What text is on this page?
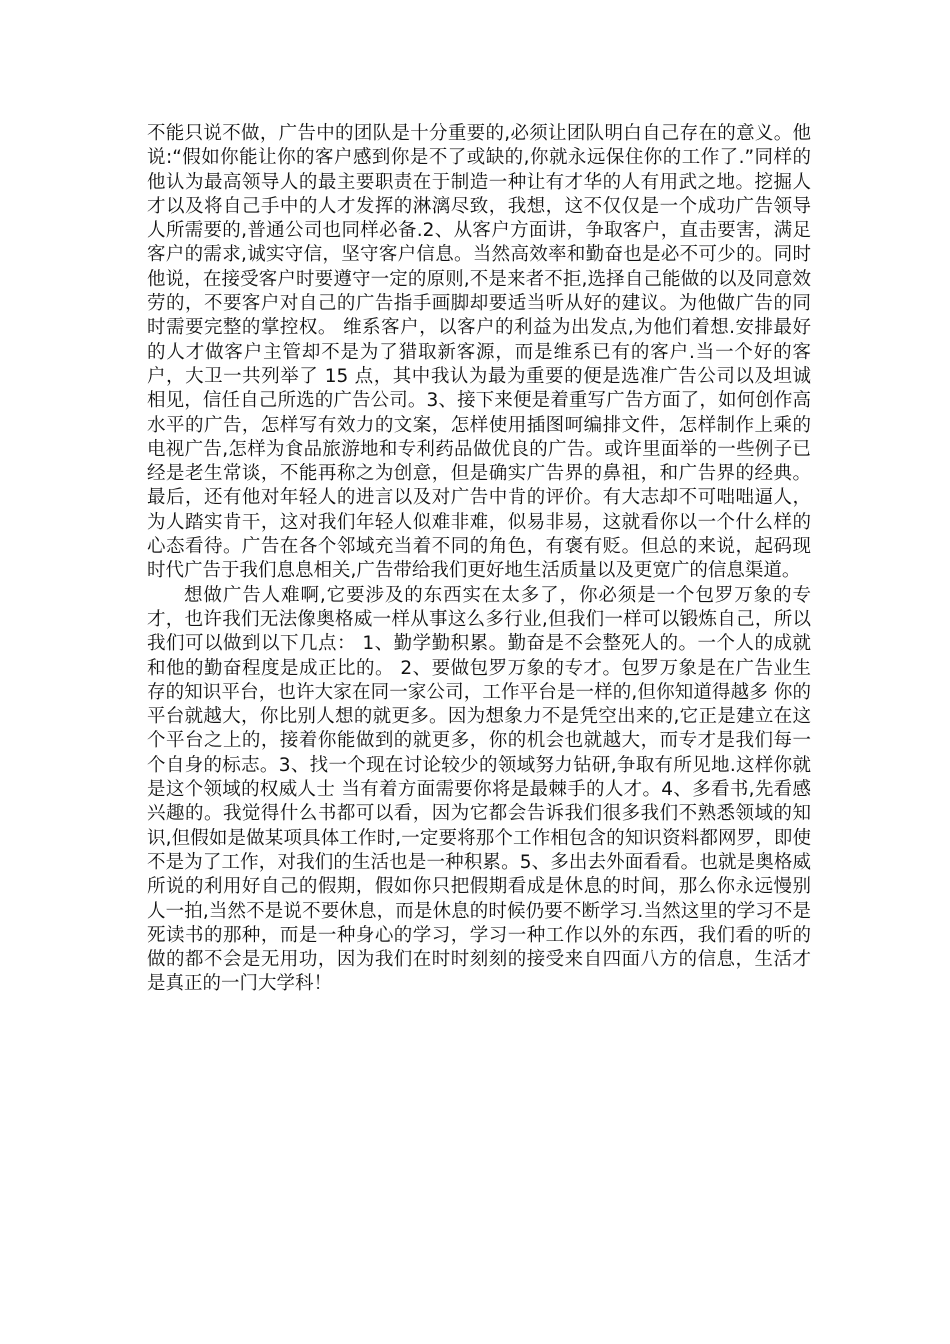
不能只说不做，广告中的团队是十分重要的,必须让团队明白自己存在的意义。他说:“假如你能让你的客户感到你是不了或缺的,你就永远保住你的工作了.”同样的他认为最高领导人的最主要职责在于制造一种让有才华的人有用武之地。挖掘人才以及将自己手中的人才发挥的淋漓尽致，我想，这不仅仅是一个成功广告领导人所需要的,普通公司也同样必备.2、从客户方面讲，争取客户，直击要害，满足客户的需求,诚实守信，坚守客户信息。当然高效率和勤奋也是必不可少的。同时他说，在接受客户时要遵守一定的原则,不是来者不拒,选择自己能做的以及同意效劳的，不要客户对自己的广告指手画脚却要适当听从好的建议。为他做广告的同时需要完整的掌控权。 维系客户，以客户的利益为出发点,为他们着想.安排最好的人才做客户主管却不是为了猎取新客源，而是维系已有的客户.当一个好的客户，大卫一共列举了 15 点，其中我认为最为重要的便是选准广告公司以及坦诚相见，信任自己所选的广告公司。3、接下来便是着重写广告方面了，如何创作高水平的广告，怎样写有效力的文案，怎样使用插图呵编排文件，怎样制作上乘的电视广告,怎样为食品旅游地和专利药品做优良的广告。或许里面举的一些例子已经是老生常谈，不能再称之为创意，但是确实广告界的鼻祖，和广告界的经典。最后，还有他对年轻人的进言以及对广告中肯的评价。有大志却不可咄咄逼人，为人踏实肯干，这对我们年轻人似难非难，似易非易，这就看你以一个什么样的心态看待。广告在各个邻域充当着不同的角色，有褒有贬。但总的来说，起码现时代广告于我们息息相关,广告带给我们更好地生活质量以及更宽广的信息渠道。

想做广告人难啊,它要涉及的东西实在太多了，你必须是一个包罗万象的专才，也许我们无法像奥格威一样从事这么多行业,但我们一样可以锻炼自己，所以我们可以做到以下几点： 1、勤学勤积累。勤奋是不会整死人的。一个人的成就和他的勤奋程度是成正比的。 2、要做包罗万象的专才。包罗万象是在广告业生存的知识平台，也许大家在同一家公司，工作平台是一样的,但你知道得越多 你的平台就越大，你比别人想的就更多。因为想象力不是凭空出来的,它正是建立在这个平台之上的，接着你能做到的就更多，你的机会也就越大，而专才是我们每一个自身的标志。3、找一个现在讨论较少的领域努力钻研,争取有所见地.这样你就是这个领域的权威人士 当有着方面需要你将是最棘手的人才。4、多看书,先看感兴趣的。我觉得什么书都可以看，因为它都会告诉我们很多我们不熟悉领域的知识,但假如是做某项具体工作时,一定要将那个工作相包含的知识资料都网罗，即使不是为了工作，对我们的生活也是一种积累。5、多出去外面看看。也就是奥格威所说的利用好自己的假期，假如你只把假期看成是休息的时间，那么你永远慢别人一拍,当然不是说不要休息，而是休息的时候仍要不断学习.当然这里的学习不是死读书的那种，而是一种身心的学习，学习一种工作以外的东西，我们看的听的做的都不会是无用功，因为我们在时时刻刻的接受来自四面八方的信息，生活才是真正的一门大学科！
